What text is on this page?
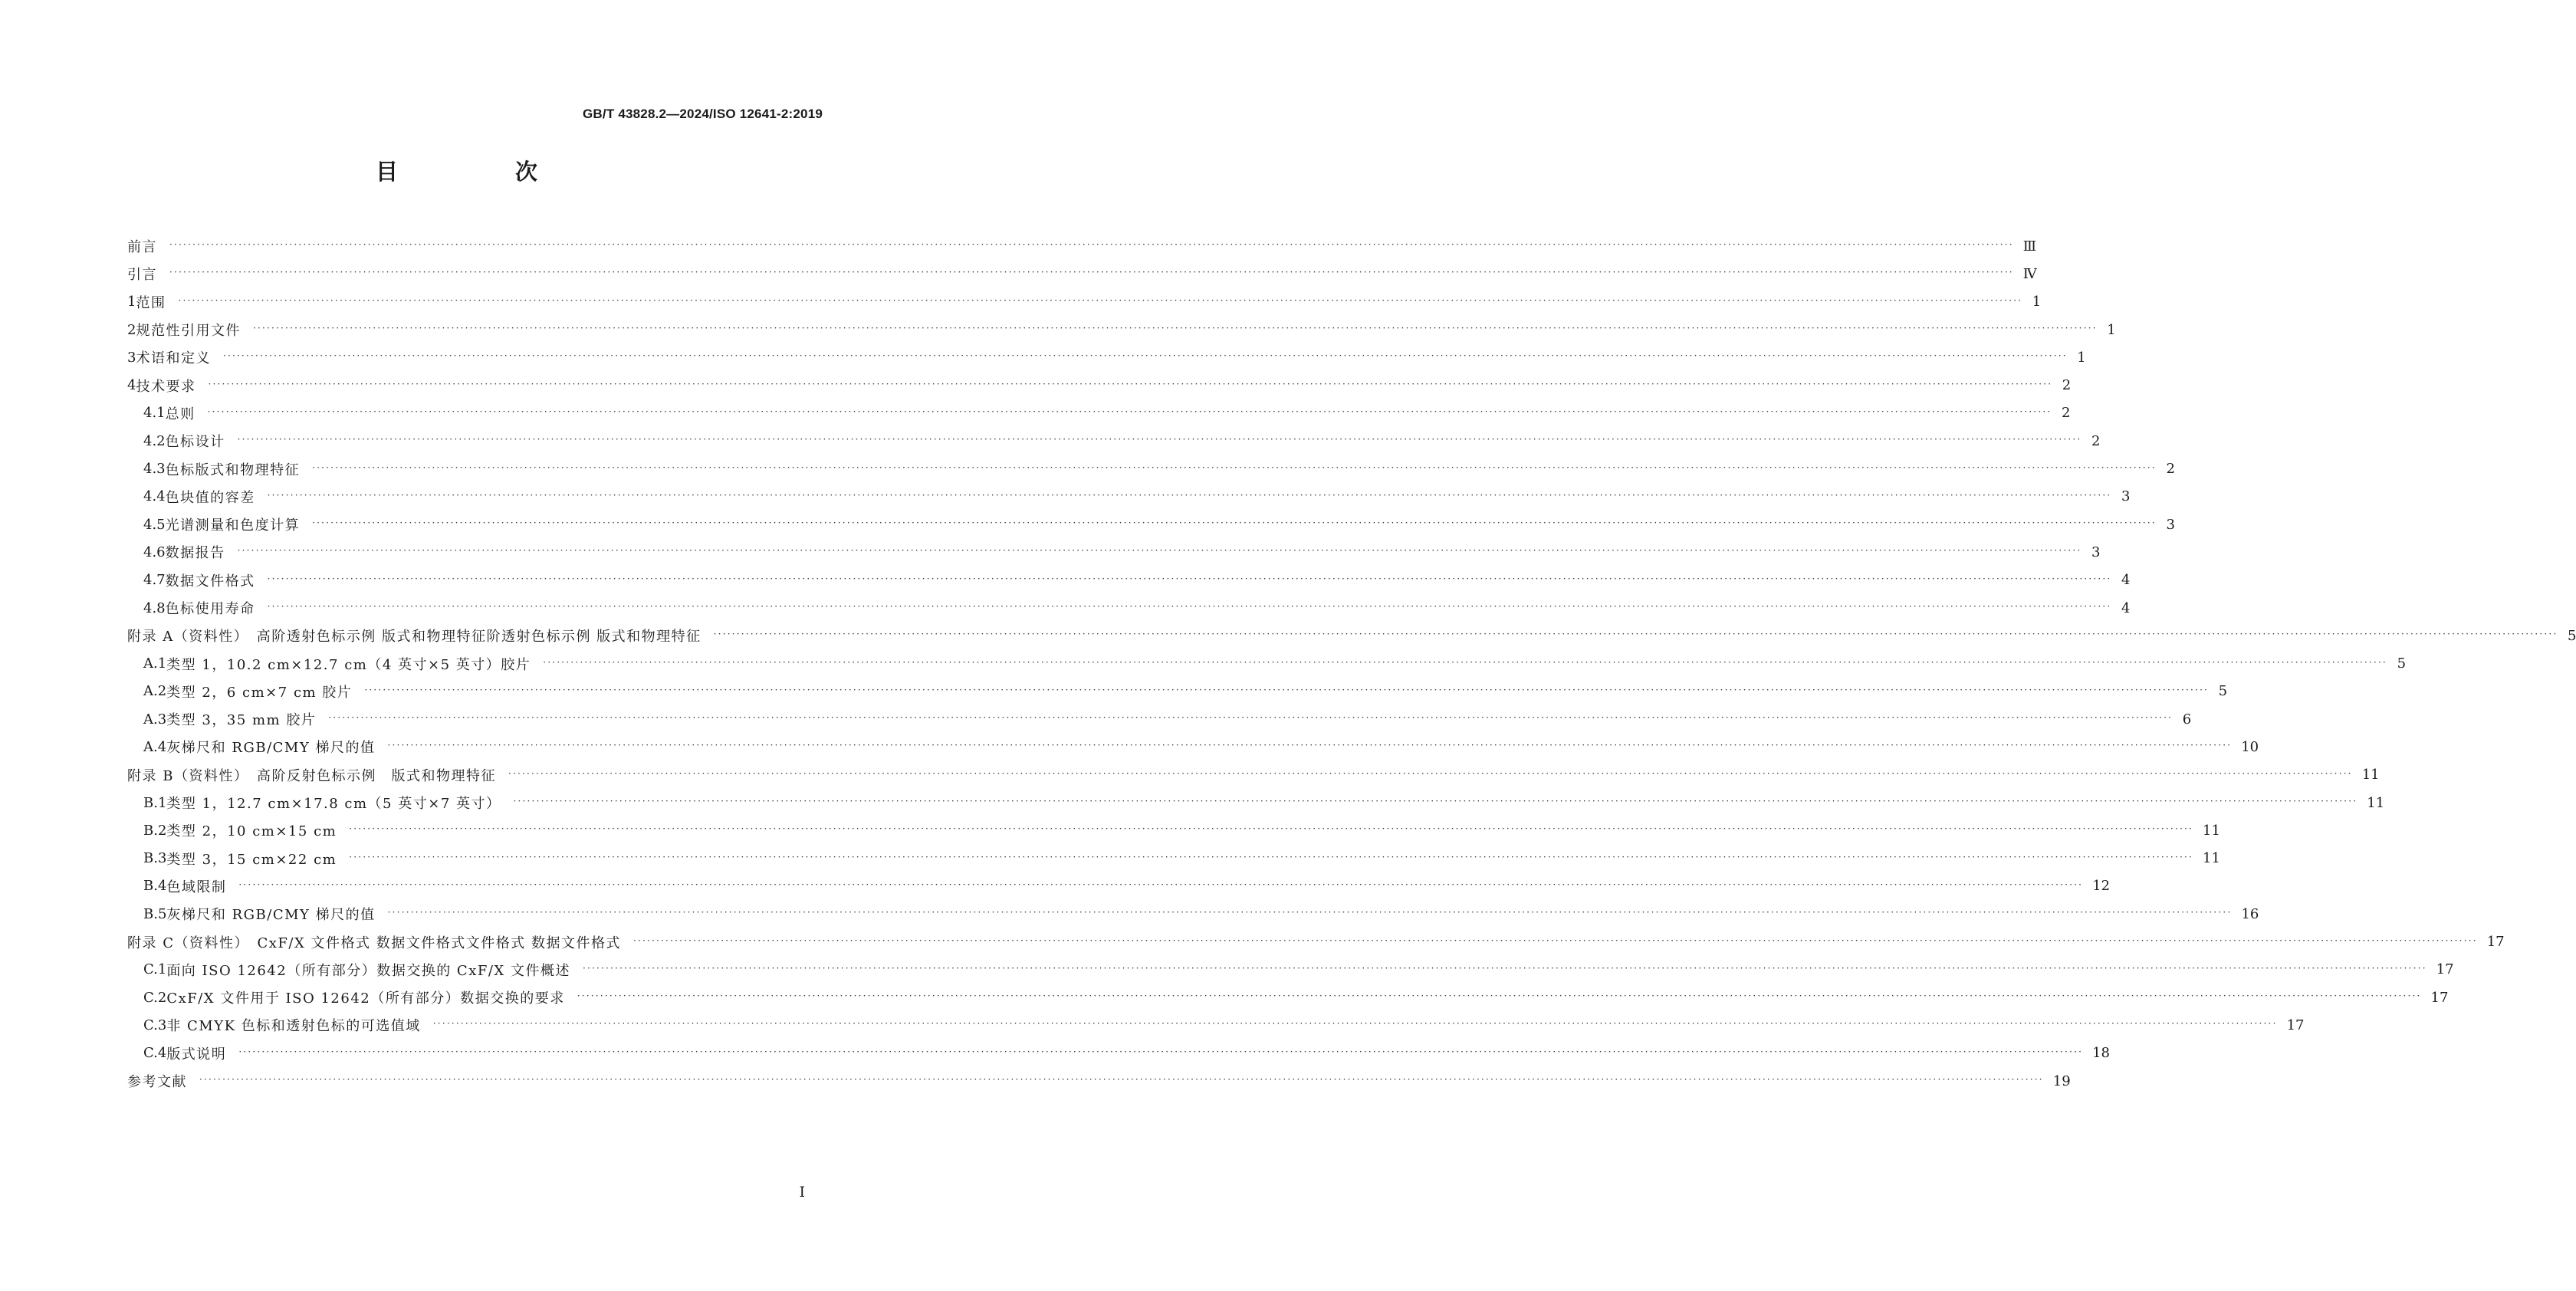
GB/T 43828.2—2024/ISO 12641-2:2019
目　次
前言 ················································································································································································································································································································································································································ Ⅲ
引言 ················································································································································································································································································································································································································ Ⅳ
1 范围 ················································································································································································································································································································································································································ 1
2 规范性引用文件 ················································································································································································································································································································································································································ 1
3 术语和定义 ················································································································································································································································································································································································································ 1
4 技术要求 ················································································································································································································································································································································································································ 2
4.1 总则 ················································································································································································································································································································································································································ 2
4.2 色标设计 ················································································································································································································································································································································································································ 2
4.3 色标版式和物理特征 ················································································································································································································································································································································································································ 2
4.4 色块值的容差 ················································································································································································································································································································································································································ 3
4.5 光谱测量和色度计算 ················································································································································································································································································································································································································ 3
4.6 数据报告 ················································································································································································································································································································································································································ 3
4.7 数据文件格式 ················································································································································································································································································································································································································ 4
4.8 色标使用寿命 ················································································································································································································································································································································································································ 4
附录 A（资料性）　高阶透射色标示例 版式和物理特征阶透射色标示例 版式和物理特征 ················································································································································································································································································································································································································ 5
A.1 类型 1，10.2 cm×12.7 cm（4 英寸×5 英寸）胶片 ················································································································································································································································································································································································································ 5
A.2 类型 2，6 cm×7 cm 胶片 ················································································································································································································································································································································································································ 5
A.3 类型 3，35 mm 胶片 ················································································································································································································································································································································································································ 6
A.4 灰梯尺和 RGB/CMY 梯尺的值 ················································································································································································································································································································································································································ 10
附录 B（资料性）　高阶反射色标示例　版式和物理特征 ················································································································································································································································································································································································································ 11
B.1 类型 1，12.7 cm×17.8 cm（5 英寸×7 英寸） ················································································································································································································································································································································································································ 11
B.2 类型 2，10 cm×15 cm ················································································································································································································································································································································································································ 11
B.3 类型 3，15 cm×22 cm ················································································································································································································································································································································································································ 11
B.4 色域限制 ················································································································································································································································································································································································································ 12
B.5 灰梯尺和 RGB/CMY 梯尺的值 ················································································································································································································································································································································································································ 16
附录 C（资料性）　CxF/X 文件格式 数据文件格式文件格式 数据文件格式 ················································································································································································································································································································································································································ 17
C.1 面向 ISO 12642（所有部分）数据交换的 CxF/X 文件概述 ················································································································································································································································································································································································································ 17
C.2 CxF/X 文件用于 ISO 12642（所有部分）数据交换的要求 ················································································································································································································································································································································································································ 17
C.3 非 CMYK 色标和透射色标的可选值域 ················································································································································································································································································································································································································ 17
C.4 版式说明 ················································································································································································································································································································································································································ 18
参考文献 ················································································································································································································································································································································································································ 19
I
